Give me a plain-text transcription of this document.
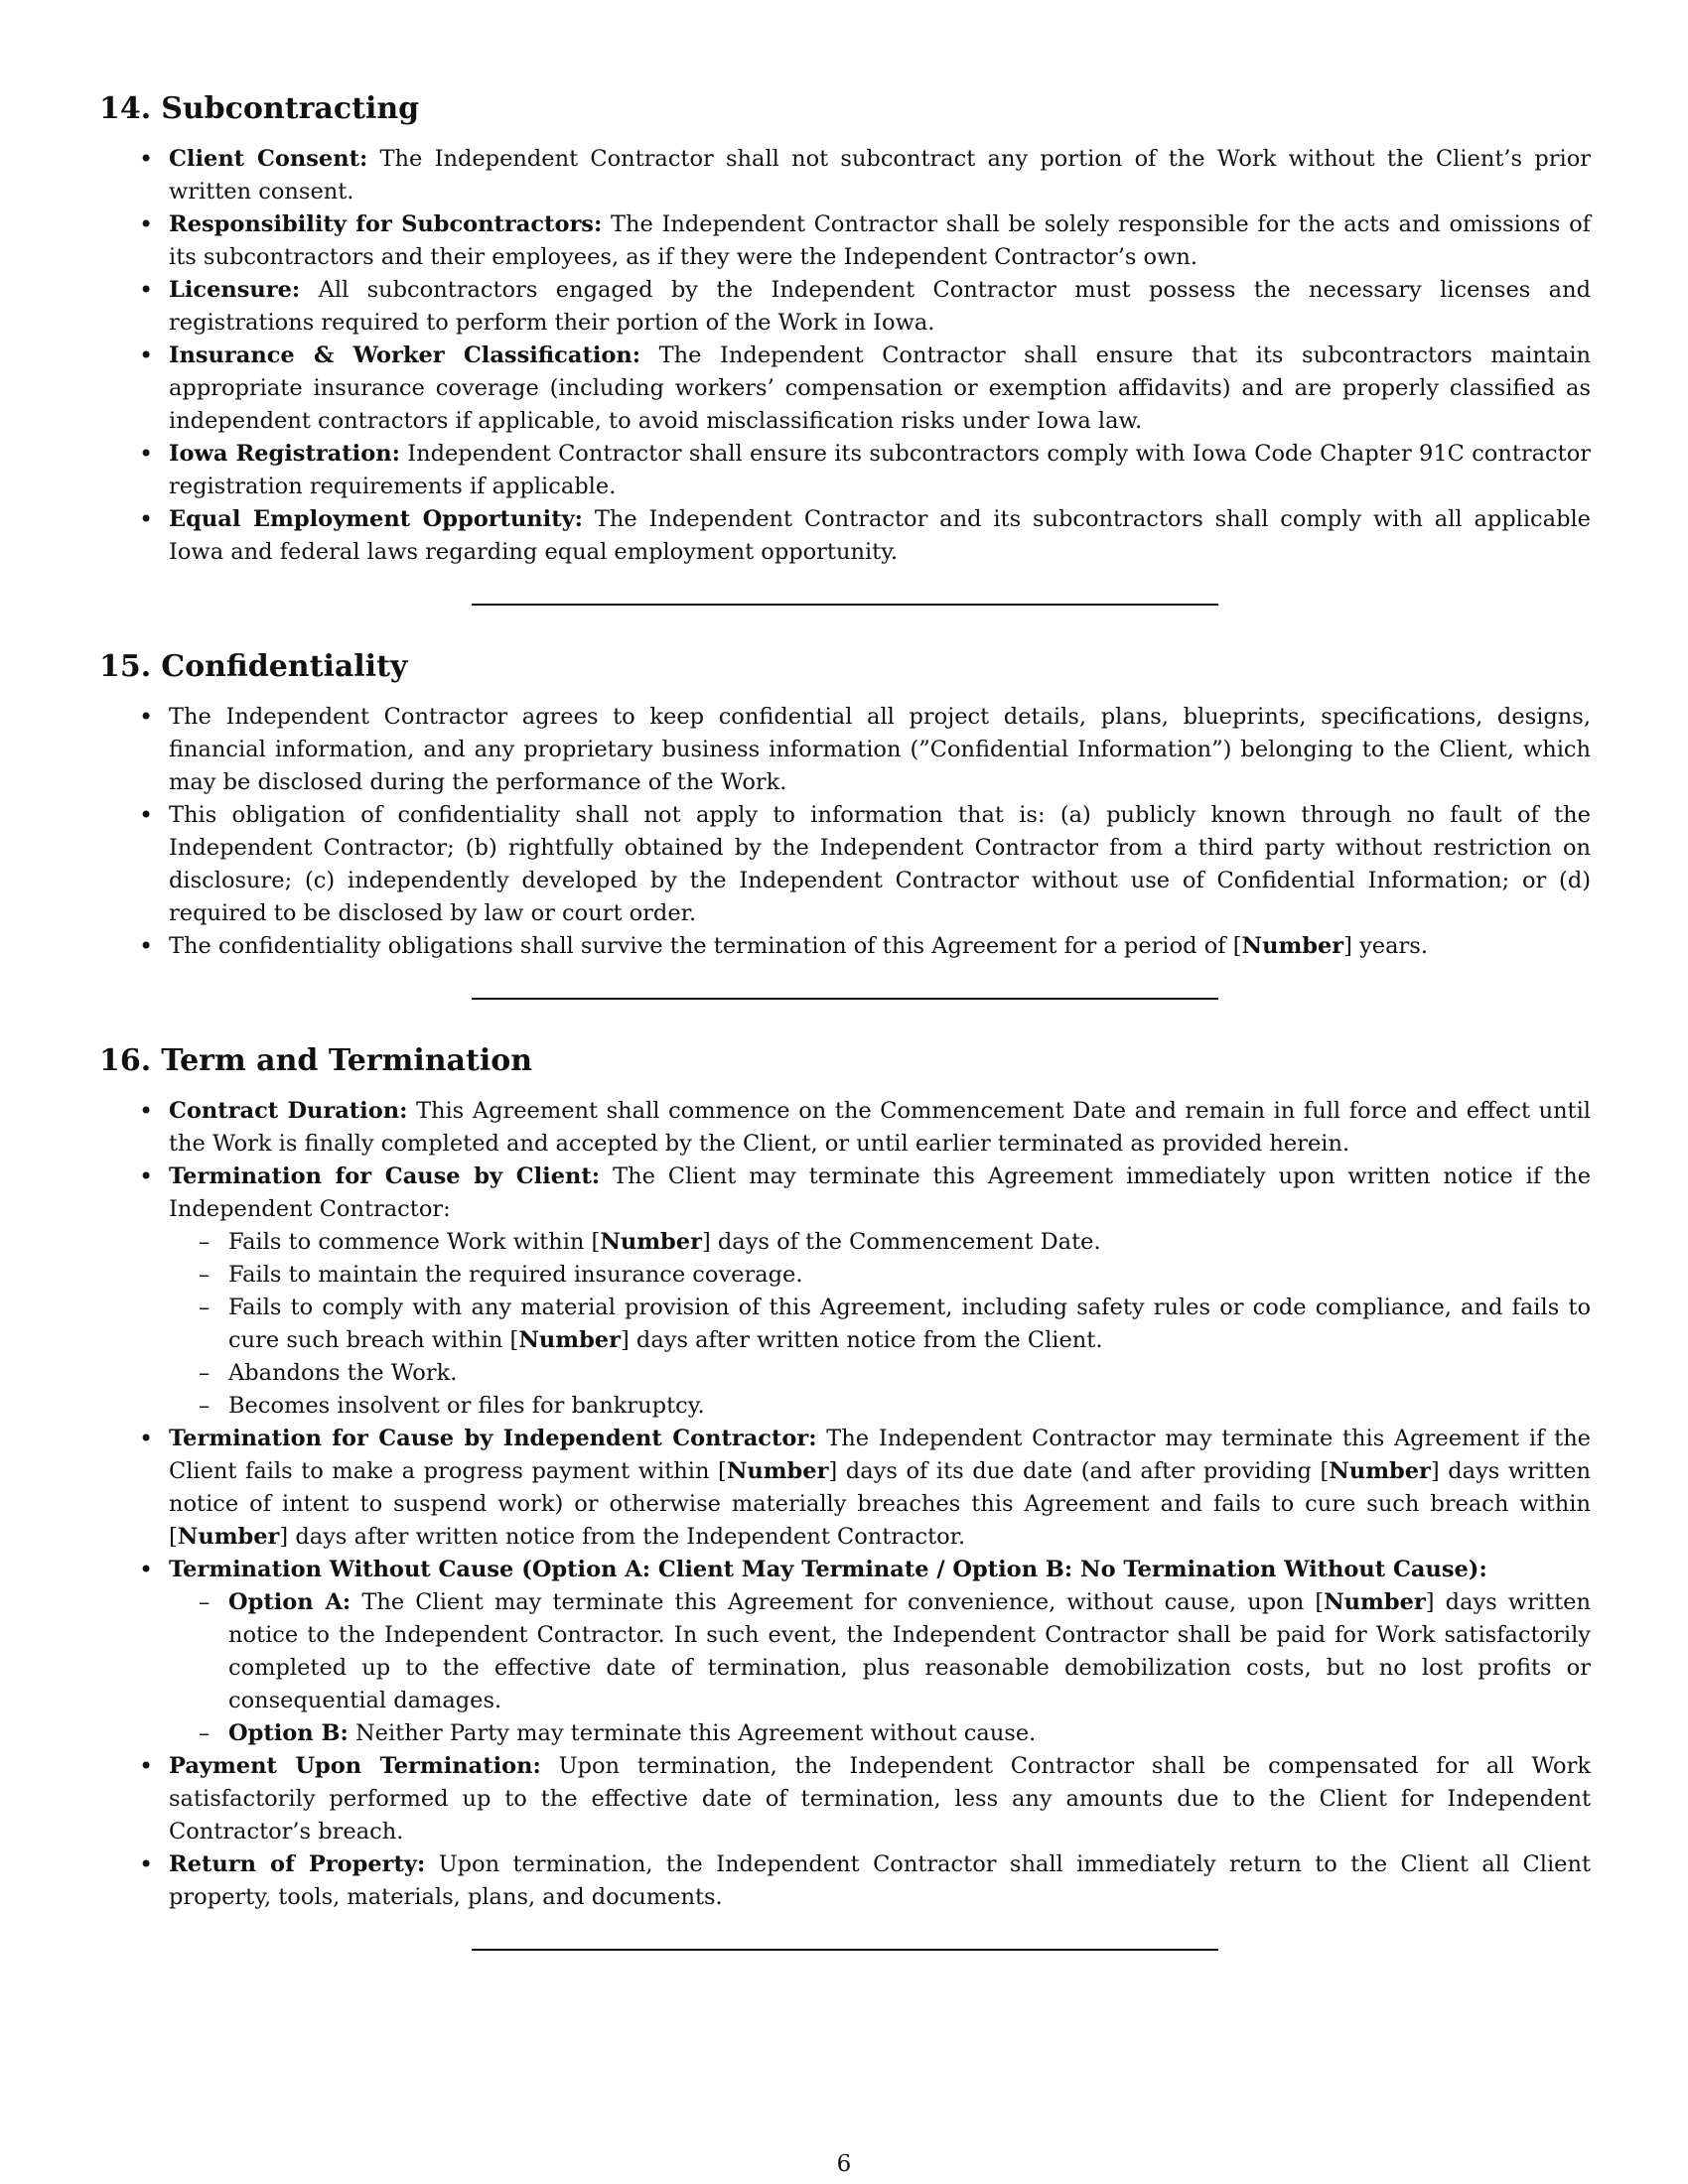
14. Subcontracting
• Client Consent: The Independent Contractor shall not subcontract any portion of the Work without the Client’s prior written consent.
• Responsibility for Subcontractors: The Independent Contractor shall be solely responsible for the acts and omissions of its subcontractors and their employees, as if they were the Independent Contractor’s own.
• Licensure: All subcontractors engaged by the Independent Contractor must possess the necessary licenses and registrations required to perform their portion of the Work in Iowa.
• Insurance & Worker Classification: The Independent Contractor shall ensure that its subcontractors maintain appropriate insurance coverage (including workers’ compensation or exemption affidavits) and are properly classified as independent contractors if applicable, to avoid misclassification risks under Iowa law.
• Iowa Registration: Independent Contractor shall ensure its subcontractors comply with Iowa Code Chapter 91C contractor registration requirements if applicable.
• Equal Employment Opportunity: The Independent Contractor and its subcontractors shall comply with all applicable Iowa and federal laws regarding equal employment opportunity.
15. Confidentiality
• The Independent Contractor agrees to keep confidential all project details, plans, blueprints, specifications, designs, financial information, and any proprietary business information (”Confidential Information”) belonging to the Client, which may be disclosed during the performance of the Work.
• This obligation of confidentiality shall not apply to information that is: (a) publicly known through no fault of the Independent Contractor; (b) rightfully obtained by the Independent Contractor from a third party without restriction on disclosure; (c) independently developed by the Independent Contractor without use of Confidential Information; or (d) required to be disclosed by law or court order.
• The confidentiality obligations shall survive the termination of this Agreement for a period of [Number] years.
16. Term and Termination
• Contract Duration: This Agreement shall commence on the Commencement Date and remain in full force and effect until the Work is finally completed and accepted by the Client, or until earlier terminated as provided herein.
• Termination for Cause by Client: The Client may terminate this Agreement immediately upon written notice if the Independent Contractor:
– Fails to commence Work within [Number] days of the Commencement Date.
– Fails to maintain the required insurance coverage.
– Fails to comply with any material provision of this Agreement, including safety rules or code compliance, and fails to cure such breach within [Number] days after written notice from the Client.
– Abandons the Work.
– Becomes insolvent or files for bankruptcy.
• Termination for Cause by Independent Contractor: The Independent Contractor may terminate this Agreement if the Client fails to make a progress payment within [Number] days of its due date (and after providing [Number] days written notice of intent to suspend work) or otherwise materially breaches this Agreement and fails to cure such breach within [Number] days after written notice from the Independent Contractor.
• Termination Without Cause (Option A: Client May Terminate / Option B: No Termination Without Cause):
– Option A: The Client may terminate this Agreement for convenience, without cause, upon [Number] days written notice to the Independent Contractor. In such event, the Independent Contractor shall be paid for Work satisfactorily completed up to the effective date of termination, plus reasonable demobilization costs, but no lost profits or consequential damages.
– Option B: Neither Party may terminate this Agreement without cause.
• Payment Upon Termination: Upon termination, the Independent Contractor shall be compensated for all Work satisfactorily performed up to the effective date of termination, less any amounts due to the Client for Independent Contractor’s breach.
• Return of Property: Upon termination, the Independent Contractor shall immediately return to the Client all Client property, tools, materials, plans, and documents.
6
